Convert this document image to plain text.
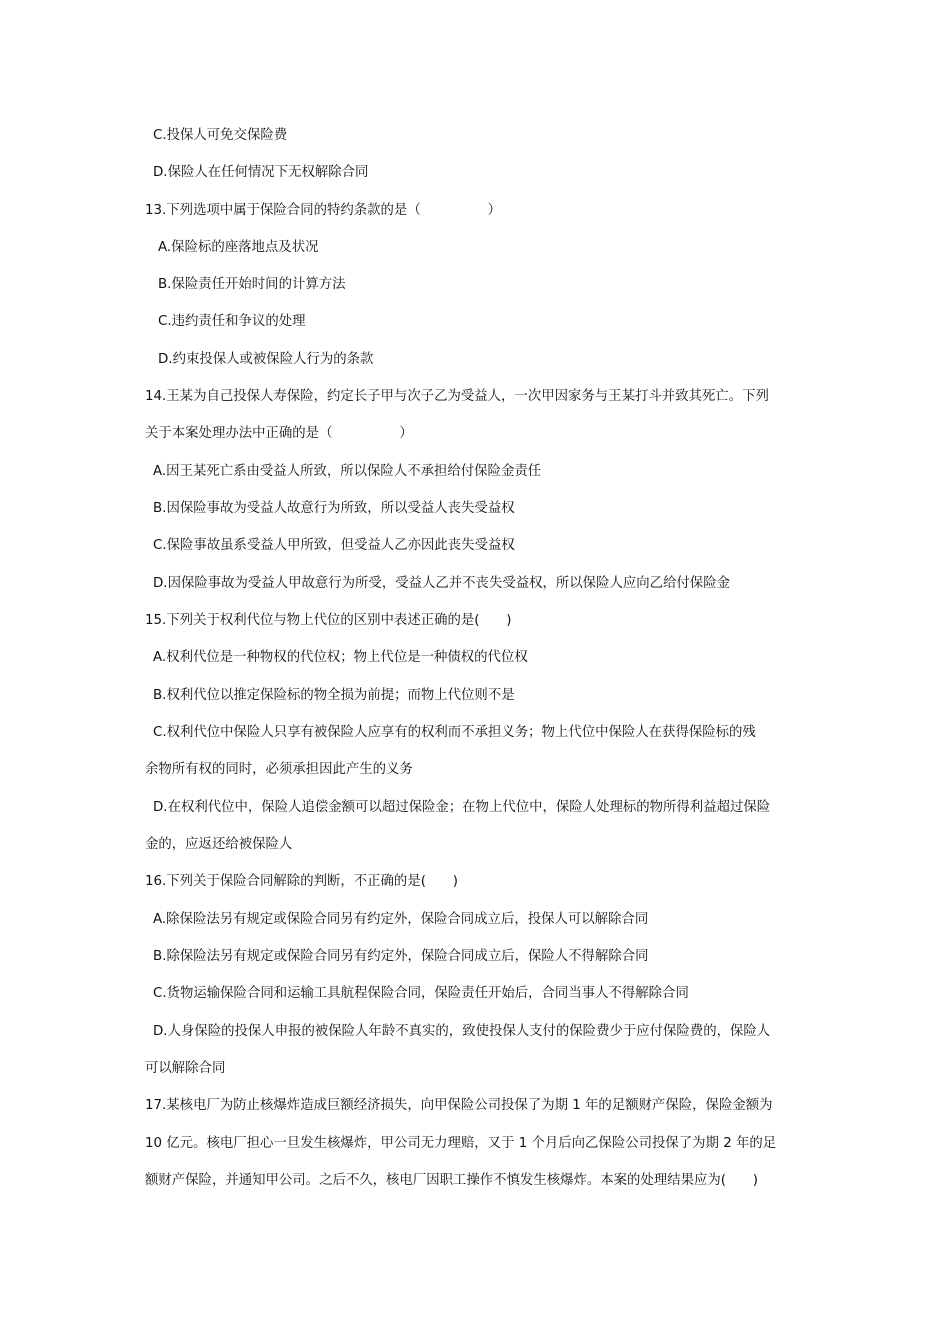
C.投保人可免交保险费
D.保险人在任何情况下无权解除合同
13.下列选项中属于保险合同的特约条款的是（　　　　　）
A.保险标的座落地点及状况
B.保险责任开始时间的计算方法
C.违约责任和争议的处理
D.约束投保人或被保险人行为的条款
14.王某为自己投保人寿保险，约定长子甲与次子乙为受益人，一次甲因家务与王某打斗并致其死亡。下列
关于本案处理办法中正确的是（　　　　　）
A.因王某死亡系由受益人所致，所以保险人不承担给付保险金责任
B.因保险事故为受益人故意行为所致，所以受益人丧失受益权
C.保险事故虽系受益人甲所致，但受益人乙亦因此丧失受益权
D.因保险事故为受益人甲故意行为所受，受益人乙并不丧失受益权，所以保险人应向乙给付保险金
15.下列关于权利代位与物上代位的区别中表述正确的是(　　)
A.权利代位是一种物权的代位权；物上代位是一种债权的代位权
B.权利代位以推定保险标的物全损为前提；而物上代位则不是
C.权利代位中保险人只享有被保险人应享有的权利而不承担义务；物上代位中保险人在获得保险标的残
余物所有权的同时，必须承担因此产生的义务
D.在权利代位中，保险人追偿金额可以超过保险金；在物上代位中，保险人处理标的物所得利益超过保险
金的，应返还给被保险人
16.下列关于保险合同解除的判断，不正确的是(　　)
A.除保险法另有规定或保险合同另有约定外，保险合同成立后，投保人可以解除合同
B.除保险法另有规定或保险合同另有约定外，保险合同成立后，保险人不得解除合同
C.货物运输保险合同和运输工具航程保险合同，保险责任开始后，合同当事人不得解除合同
D.人身保险的投保人申报的被保险人年龄不真实的，致使投保人支付的保险费少于应付保险费的，保险人
可以解除合同
17.某核电厂为防止核爆炸造成巨额经济损失，向甲保险公司投保了为期 1 年的足额财产保险，保险金额为
10 亿元。核电厂担心一旦发生核爆炸，甲公司无力理赔，又于 1 个月后向乙保险公司投保了为期 2 年的足
额财产保险，并通知甲公司。之后不久，核电厂因职工操作不慎发生核爆炸。本案的处理结果应为(　　)
